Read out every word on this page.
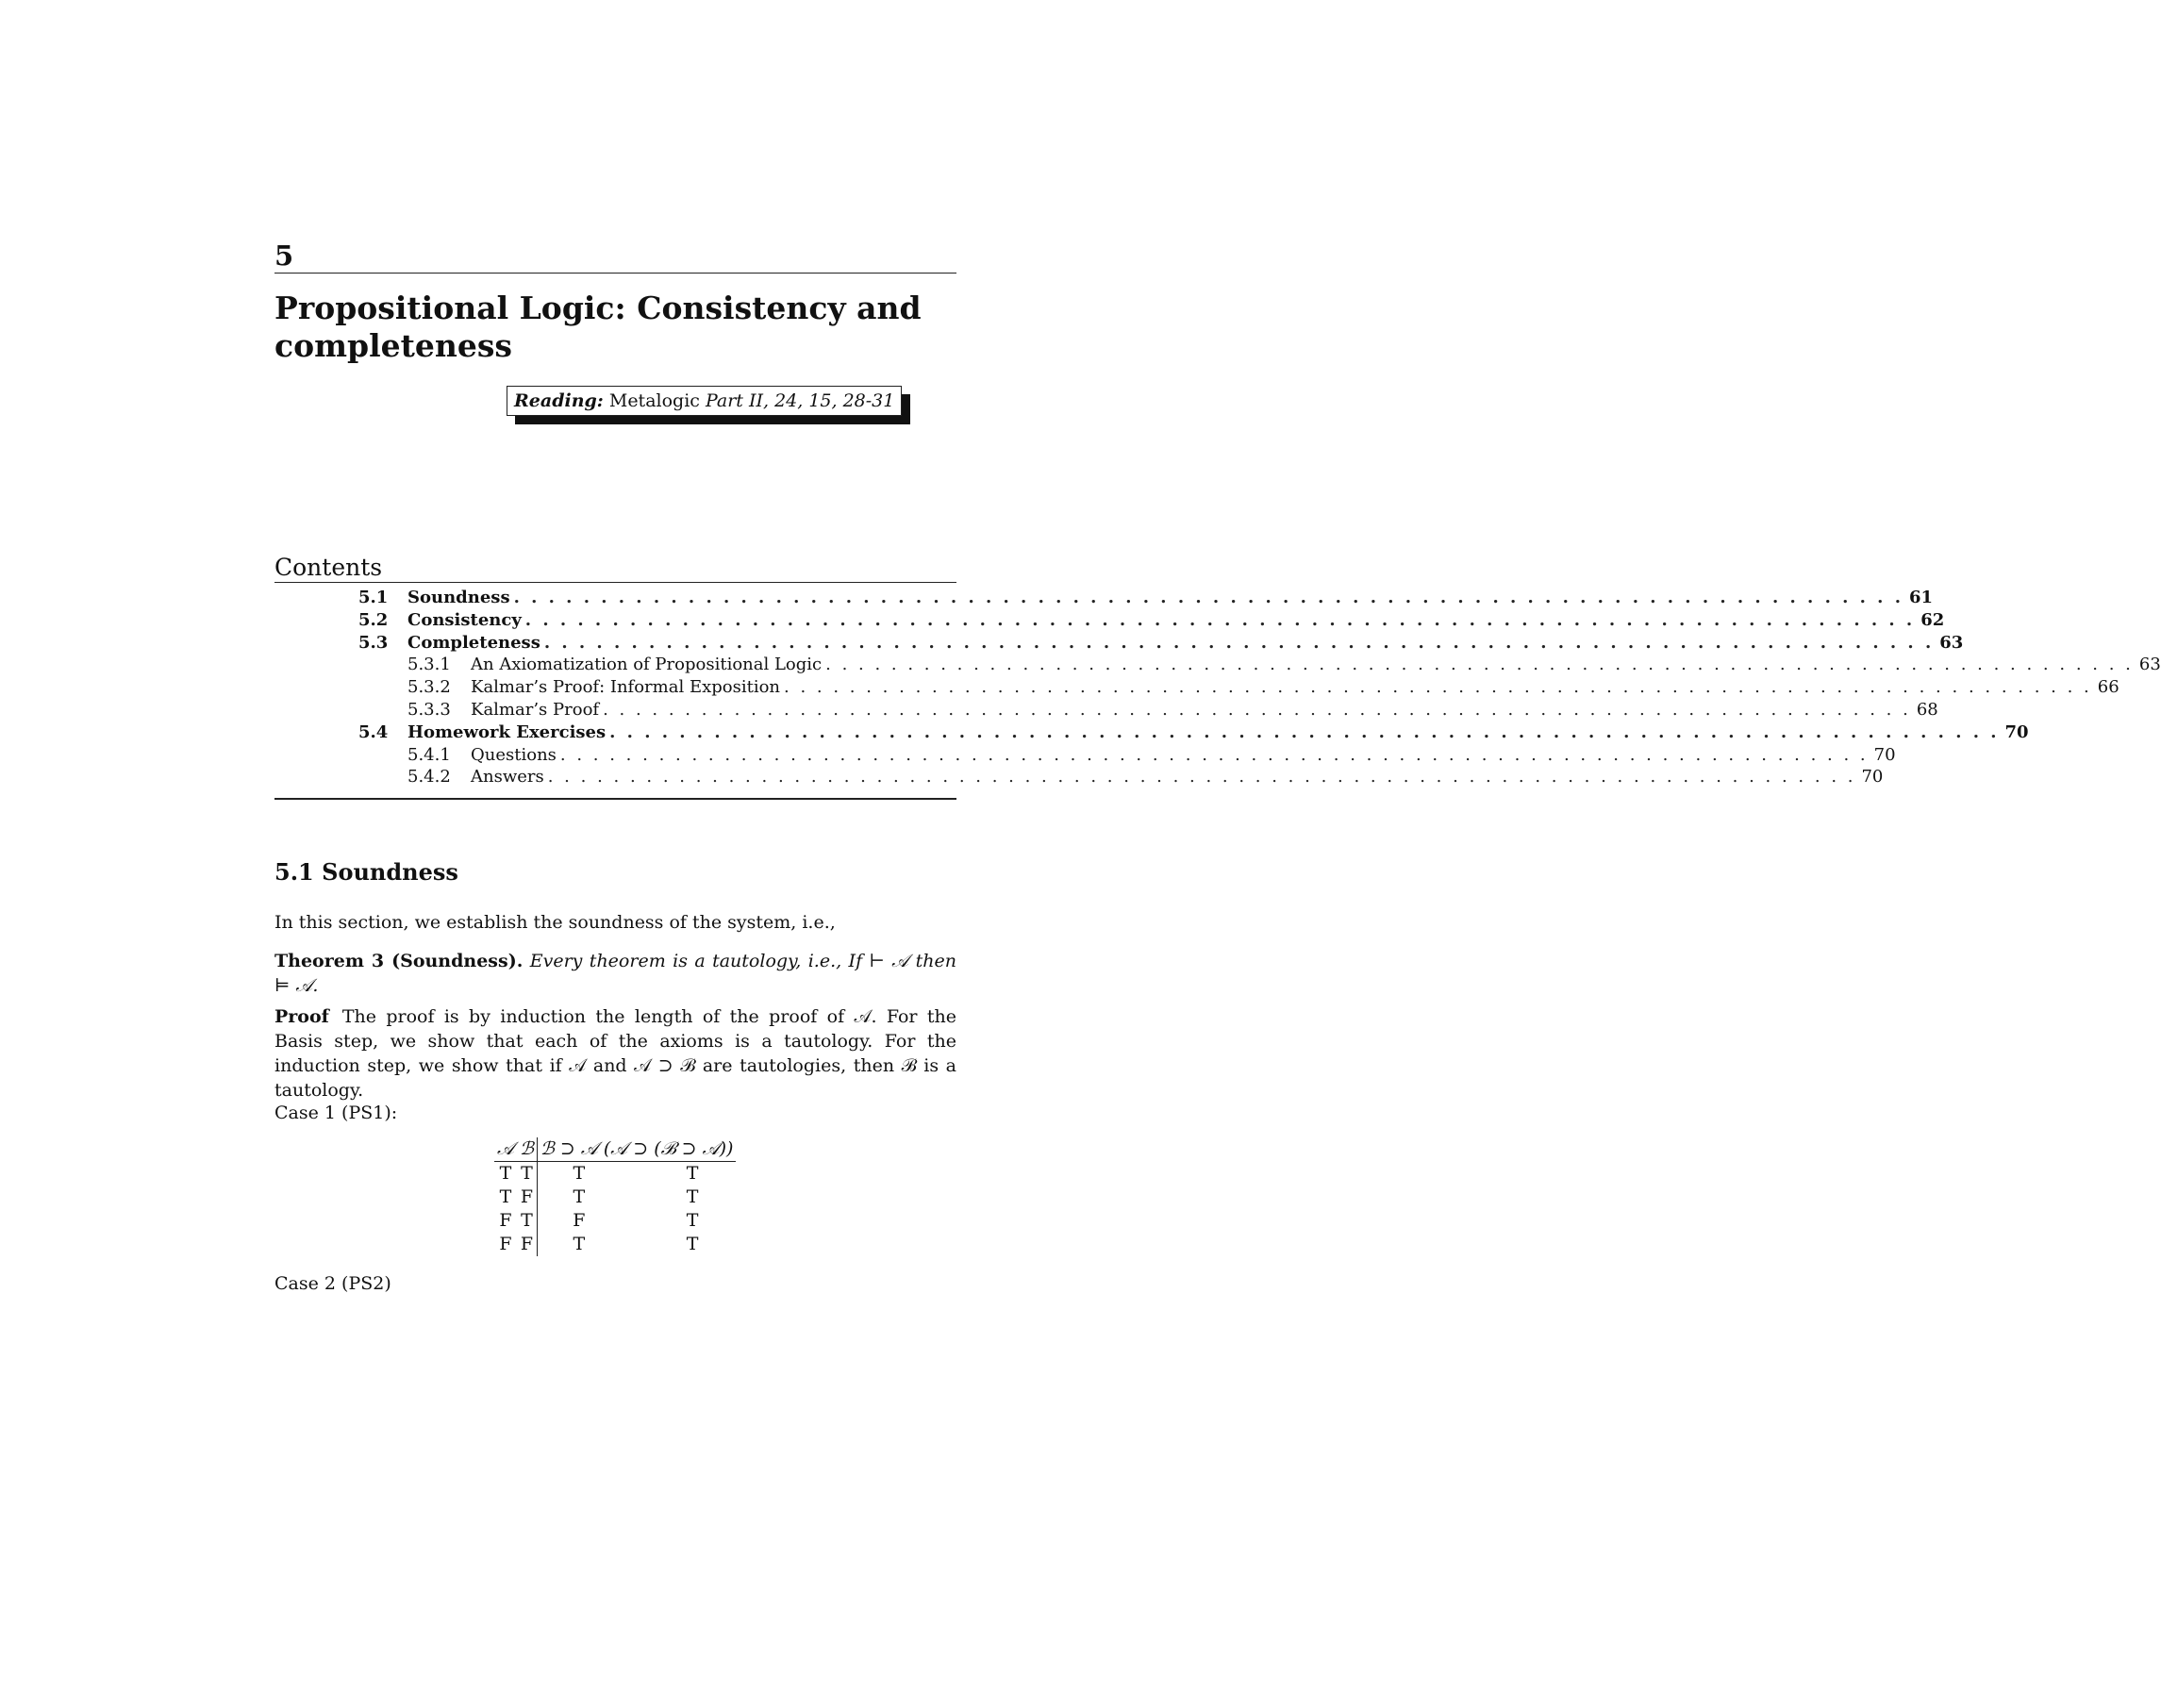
5
Propositional Logic: Consistency and completeness
Reading: Metalogic Part II, 24, 15, 28-31
Contents
5.1 Soundness . . . . . . . . . . . . . . . . . . . . . . . . . . . . . . . . . . . . . . . . . . . . . . . . . . . . . . . . . . . . . . . . . . . . . . . . . . . . . . . . 61
5.2 Consistency . . . . . . . . . . . . . . . . . . . . . . . . . . . . . . . . . . . . . . . . . . . . . . . . . . . . . . . . . . . . . . . . . . . . . . . . . . . . . . . . 62
5.3 Completeness . . . . . . . . . . . . . . . . . . . . . . . . . . . . . . . . . . . . . . . . . . . . . . . . . . . . . . . . . . . . . . . . . . . . . . . . . . . . . . . . 63
5.3.1 An Axiomatization of Propositional Logic . . . . . . . . . . . . . . . . . . . . . . . . . . . . . . . . . . . . . . . . . . . . . . . . . . . . . . . . . . . . . . . . . . . . . . . . . . . . . . . . 63
5.3.2 Kalmar’s Proof: Informal Exposition . . . . . . . . . . . . . . . . . . . . . . . . . . . . . . . . . . . . . . . . . . . . . . . . . . . . . . . . . . . . . . . . . . . . . . . . . . . . . . . . 66
5.3.3 Kalmar’s Proof . . . . . . . . . . . . . . . . . . . . . . . . . . . . . . . . . . . . . . . . . . . . . . . . . . . . . . . . . . . . . . . . . . . . . . . . . . . . . . . . 68
5.4 Homework Exercises . . . . . . . . . . . . . . . . . . . . . . . . . . . . . . . . . . . . . . . . . . . . . . . . . . . . . . . . . . . . . . . . . . . . . . . . . . . . . . . . 70
5.4.1 Questions . . . . . . . . . . . . . . . . . . . . . . . . . . . . . . . . . . . . . . . . . . . . . . . . . . . . . . . . . . . . . . . . . . . . . . . . . . . . . . . . 70
5.4.2 Answers . . . . . . . . . . . . . . . . . . . . . . . . . . . . . . . . . . . . . . . . . . . . . . . . . . . . . . . . . . . . . . . . . . . . . . . . . . . . . . . . 70
5.1 Soundness
In this section, we establish the soundness of the system, i.e.,
Theorem 3 (Soundness). Every theorem is a tautology, i.e., If ⊢ 𝒜 then ⊨ 𝒜.
Proof The proof is by induction the length of the proof of 𝒜. For the Basis step, we show that each of the axioms is a tautology. For the induction step, we show that if 𝒜 and 𝒜 ⊃ ℬ are tautologies, then ℬ is a tautology.
Case 1 (PS1):
𝒜	ℬ	ℬ ⊃ 𝒜	(𝒜 ⊃ (ℬ ⊃ 𝒜))
T	T	T	T
T	F	T	T
F	T	F	T
F	F	T	T
Case 2 (PS2)
